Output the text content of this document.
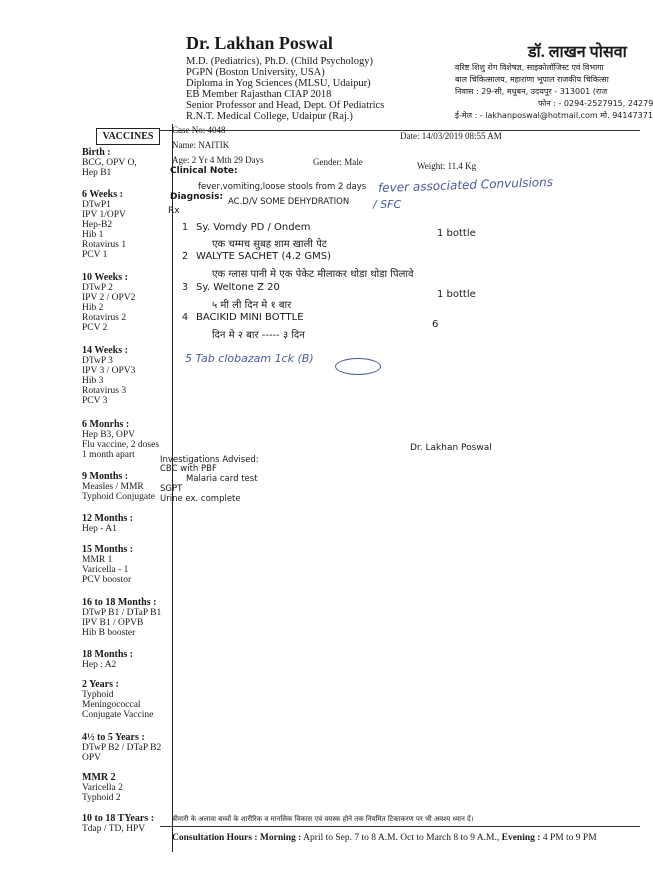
Dr. Lakhan Poswal
M.D. (Pediatrics), Ph.D. (Child Psychology)
PGPN (Boston University, USA)
Diploma in Yog Sciences (MLSU, Udaipur)
EB Member Rajasthan CIAP 2018
Senior Professor and Head, Dept. Of Pediatrics
R.N.T. Medical College, Udaipur (Raj.)
डॉ. लाखन पोसवा
वरिष्ट शिशु रोग विशेषज्ञ, साइकोलॉजिस्ट एवं विभागा
बाल चिकित्सालय, महाराणा भूपाल राजकीय चिकित्सा
निवास : 29-सी, मधुबन, उदयपुर - 313001 (राज
फोन : - 0294-2527915, 24279
ई-मेल : - lakhanposwal@hotmail.com मो. 94147371
VACCINES
Birth :
BCG, OPV O,
Hep B1
6 Weeks :
DTwP1
IPV 1/OPV
Hep-B2
Hib 1
Rotavirus 1
PCV 1
10 Weeks :
DTwP 2
IPV 2 / OPV2
Hib 2
Rotavirus 2
PCV 2
14 Weeks :
DTwP 3
IPV 3 / OPV3
Hib 3
Rotavirus 3
PCV 3
6 Monrhs :
Hep B3, OPV
Flu vaccine, 2 doses
1 month apart
9 Months :
Measles / MMR
Typhoid Conjugate
12 Months :
Hep - A1
15 Months :
MMR 1
Varicella - 1
PCV boostor
16 to 18 Months :
DTwP B1 / DTaP B1
IPV B1 / OPVB
Hib B booster
18 Months :
Hep : A2
2 Years :
Typhoid
Meningococcal
Conjugate Vaccine
4½ to 5 Years :
DTwP B2 / DTaP B2
OPV
MMR 2
Varicella 2
Typhoid 2
10 to 18 TYears :
Tdap / TD, HPV
Case No: 4048
Date: 14/03/2019 08:55 AM
Name: NAITIK
Age: 2 Yr 4 Mth 29 Days	Gender: Male	Weight: 11.4 Kg
Clinical Note:
fever,vomiting,loose stools from 2 days fever associated Convulsions
Diagnosis: AC.D/V SOME DEHYDRATION / SFC
Rx
1 Sy. Vomdy PD / Ondem
1 bottle
एक चम्मच सुबह शाम खाली पेट
2 WALYTE SACHET (4.2 GMS)
एक ग्लास पानी मे एक पेकेट मीलाकर थोडा थोडा पिलावे
3 Sy. Weltone Z 20
1 bottle
५ मी ली दिन मे १ बार
4 BACIKID MINI BOTTLE
6
दिन मे २ बार ----- ३ दिन
5 Tab clobazam 1ck (B)
Dr. Lakhan Poswal
Investigations Advised:
CBC with PBF
Malaria card test
SGPT
Urine ex. complete
बीमारी के अलावा बच्चों के शारीरिक व मानसिक विकास एवं वयस्क होने तक नियमित टिकाकरण पर भी अवश्य ध्यान दें।
Consultation Hours : Morning : April to Sep. 7 to 8 A.M. Oct to March 8 to 9 A.M., Evening : 4 PM to 9 PM
